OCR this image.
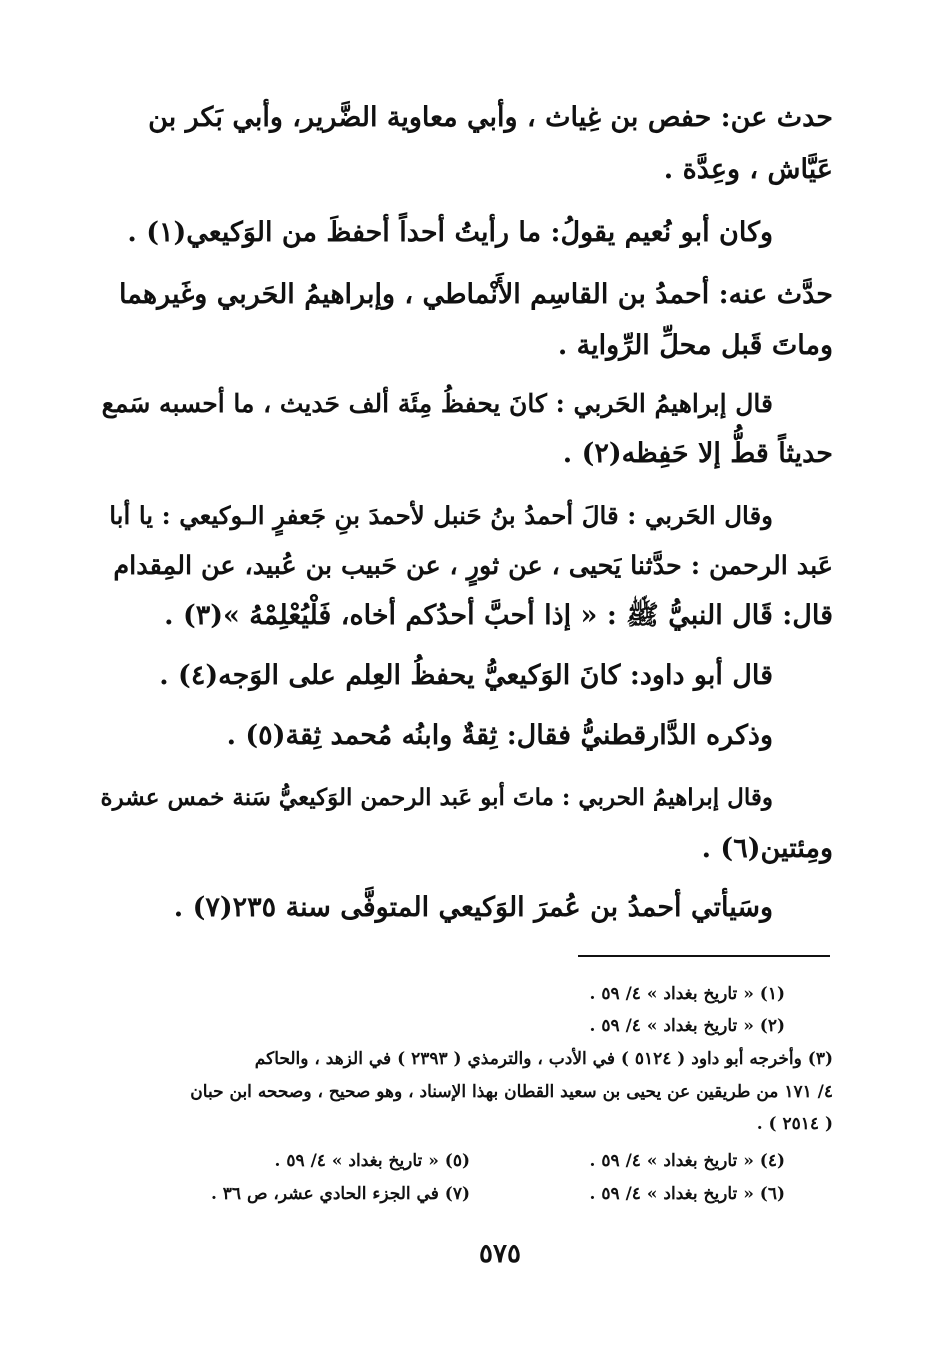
حدث عن: حفص بن غِياث ، وأبي معاوية الضَّرير، وأبي بَكر بن
عَيَّاش ، وعِدَّة .
وكان أبو نُعيم يقولُ: ما رأيتُ أحداً أحفظَ من الوَكيعي(١) .
حدَّث عنه: أحمدُ بن القاسِم الأَنْماطي ، وإبراهيمُ الحَربي وغَيرهما
وماتَ قَبل محلِّ الرِّواية .
قال إبراهيمُ الحَربي : كانَ يحفظُ مِئَة ألف حَديث ، ما أحسبه سَمع
حديثاً قطُّ إلا حَفِظه(٢) .
وقال الحَربي : قالَ أحمدُ بنُ حَنبل لأحمدَ بنِ جَعفرٍ الـوكيعي : يا أبا
عَبد الرحمن : حدَّثنا يَحيى ، عن ثورٍ ، عن حَبيب بن عُبيد، عن المِقدام
قال: قَال النبيُّ ﷺ : « إذا أحبَّ أحدُكم أخاه، فَلْيُعْلِمْهُ »(٣) .
قال أبو داود: كانَ الوَكيعيُّ يحفظُ العِلم على الوَجه(٤) .
وذكره الدَّارقطنيُّ فقال: ثِقةٌ وابنُه مُحمد ثِقة(٥) .
وقال إبراهيمُ الحربي : ماتَ أبو عَبد الرحمن الوَكيعيُّ سَنة خمس عشرة
ومِئتين(٦) .
وسَيأتي أحمدُ بن عُمرَ الوَكيعي المتوفَّى سنة ٢٣٥(٧) .
(١) « تاريخ بغداد » ٤/ ٥٩ .
(٢) « تاريخ بغداد » ٤/ ٥٩ .
(٣) وأخرجه أبو داود ( ٥١٢٤ ) في الأدب ، والترمذي ( ٢٣٩٣ ) في الزهد ، والحاكم
٤/ ١٧١ من طريقين عن يحيى بن سعيد القطان بهذا الإسناد ، وهو صحيح ، وصححه ابن حبان
( ٢٥١٤ ) .
(٤) « تاريخ بغداد » ٤/ ٥٩ .
(٥) « تاريخ بغداد » ٤/ ٥٩ .
(٦) « تاريخ بغداد » ٤/ ٥٩ .
(٧) في الجزء الحادي عشر، ص ٣٦ .
٥٧٥
